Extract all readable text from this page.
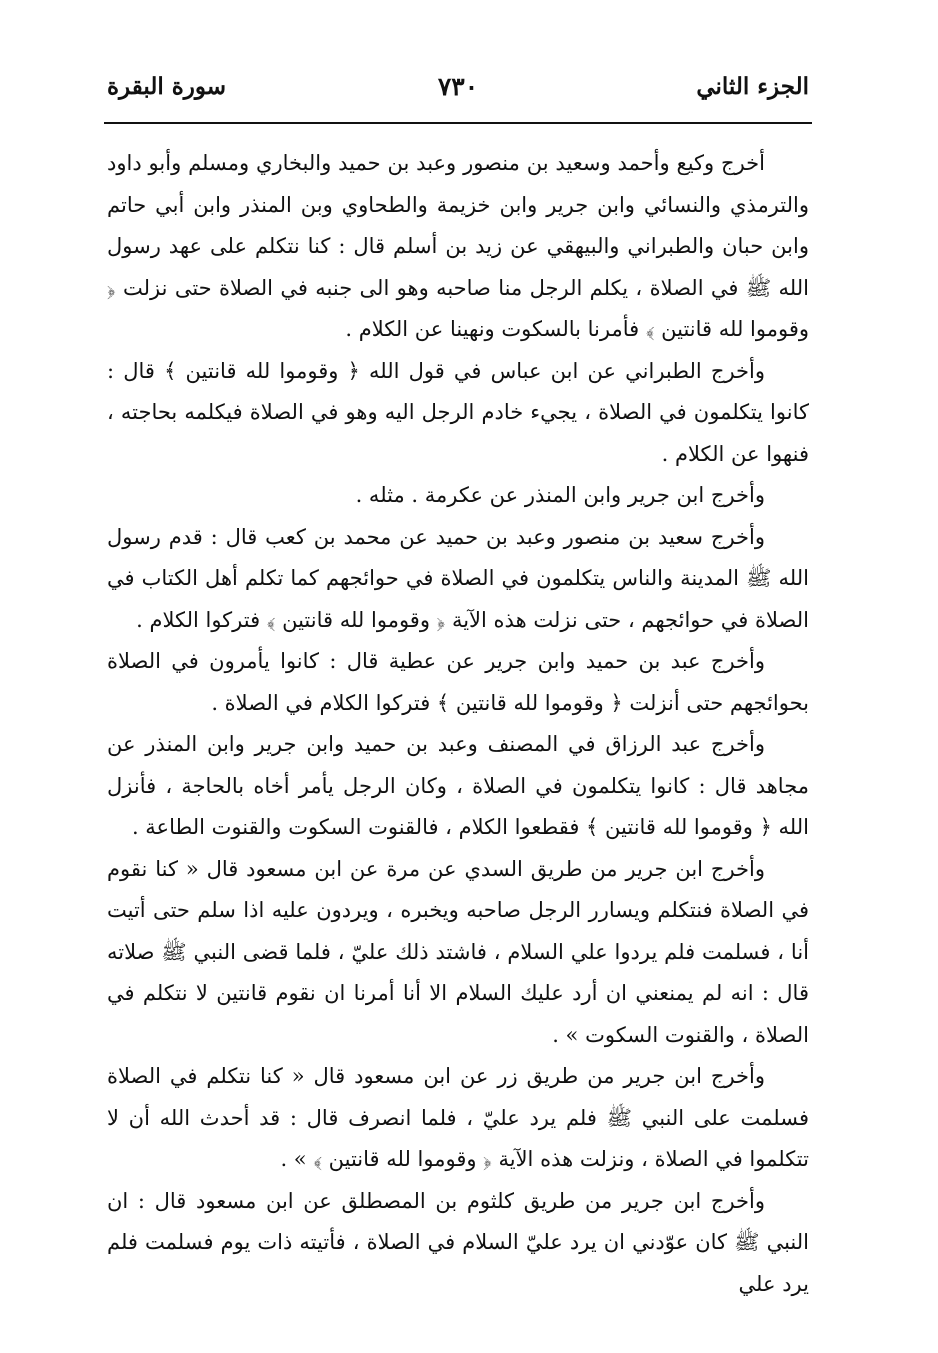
الجزء الثاني
٧٣٠
سورة البقرة

أخرج وكيع وأحمد وسعيد بن منصور وعبد بن حميد والبخاري ومسلم وأبو داود والترمذي والنسائي وابن جرير وابن خزيمة والطحاوي وبن المنذر وابن أبي حاتم وابن حبان والطبراني والبيهقي عن زيد بن أسلم قال : كنا نتكلم على عهد رسول الله ﷺ في الصلاة ، يكلم الرجل منا صاحبه وهو الى جنبه في الصلاة حتى نزلت ﴿ وقوموا لله قانتين ﴾ فأمرنا بالسكوت ونهينا عن الكلام .

وأخرج الطبراني عن ابن عباس في قول الله ﴿ وقوموا لله قانتين ﴾ قال : كانوا يتكلمون في الصلاة ، يجيء خادم الرجل اليه وهو في الصلاة فيكلمه بحاجته ، فنهوا عن الكلام .

وأخرج ابن جرير وابن المنذر عن عكرمة . مثله .

وأخرج سعيد بن منصور وعبد بن حميد عن محمد بن كعب قال : قدم رسول الله ﷺ المدينة والناس يتكلمون في الصلاة في حوائجهم كما تكلم أهل الكتاب في الصلاة في حوائجهم ، حتى نزلت هذه الآية ﴿ وقوموا لله قانتين ﴾ فتركوا الكلام .

وأخرج عبد بن حميد وابن جرير عن عطية قال : كانوا يأمرون في الصلاة بحوائجهم حتى أنزلت ﴿ وقوموا لله قانتين ﴾ فتركوا الكلام في الصلاة .

وأخرج عبد الرزاق في المصنف وعبد بن حميد وابن جرير وابن المنذر عن مجاهد قال : كانوا يتكلمون في الصلاة ، وكان الرجل يأمر أخاه بالحاجة ، فأنزل الله ﴿ وقوموا لله قانتين ﴾ فقطعوا الكلام ، فالقنوت السكوت والقنوت الطاعة .

وأخرج ابن جرير من طريق السدي عن مرة عن ابن مسعود قال « كنا نقوم في الصلاة فنتكلم ويسارر الرجل صاحبه ويخبره ، ويردون عليه اذا سلم حتى أتيت أنا ، فسلمت فلم يردوا علي السلام ، فاشتد ذلك عليّ ، فلما قضى النبي ﷺ صلاته قال : انه لم يمنعني ان أرد عليك السلام الا أنا أمرنا ان نقوم قانتين لا نتكلم في الصلاة ، والقنوت السكوت » .

وأخرج ابن جرير من طريق زر عن ابن مسعود قال « كنا نتكلم في الصلاة فسلمت على النبي ﷺ فلم يرد عليّ ، فلما انصرف قال : قد أحدث الله أن لا تتكلموا في الصلاة ، ونزلت هذه الآية ﴿ وقوموا لله قانتين ﴾ » .

وأخرج ابن جرير من طريق كلثوم بن المصطلق عن ابن مسعود قال : ان النبي ﷺ كان عوّدني ان يرد عليّ السلام في الصلاة ، فأتيته ذات يوم فسلمت فلم يرد علي
